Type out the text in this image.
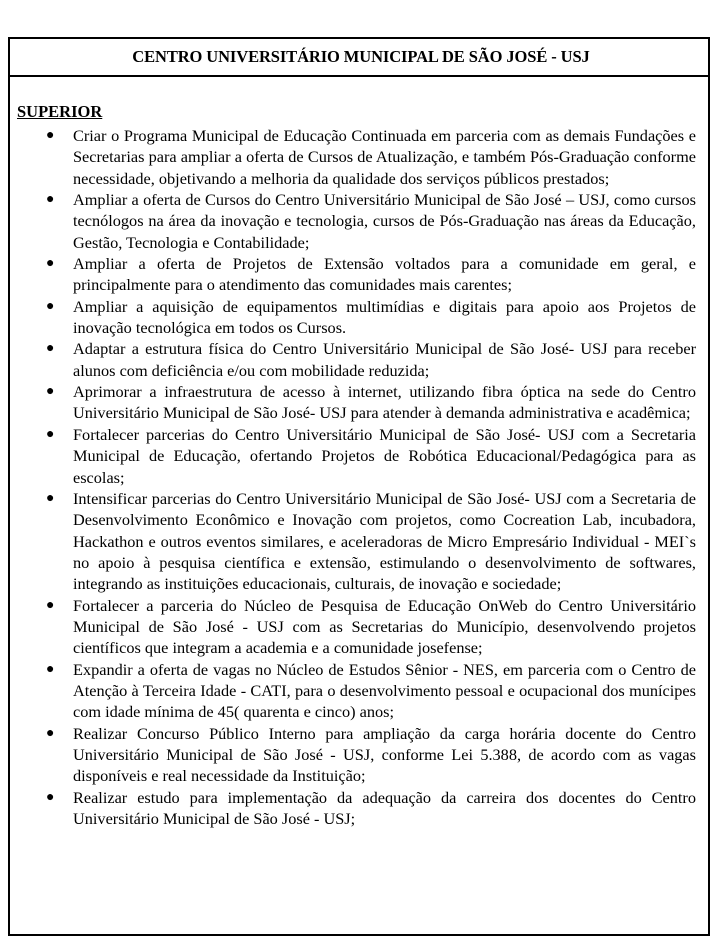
CENTRO UNIVERSITÁRIO MUNICIPAL DE SÃO JOSÉ - USJ
SUPERIOR
● Criar o Programa Municipal de Educação Continuada em parceria com as demais Fundações e Secretarias para ampliar a oferta de Cursos de Atualização, e também Pós-Graduação conforme necessidade, objetivando a melhoria da qualidade dos serviços públicos prestados;
● Ampliar a oferta de Cursos do Centro Universitário Municipal de São José – USJ, como cursos tecnólogos na área da inovação e tecnologia, cursos de Pós-Graduação nas áreas da Educação, Gestão, Tecnologia e Contabilidade;
● Ampliar a oferta de Projetos de Extensão voltados para a comunidade em geral, e principalmente para o atendimento das comunidades mais carentes;
● Ampliar a aquisição de equipamentos multimídias e digitais para apoio aos Projetos de inovação tecnológica em todos os Cursos.
● Adaptar a estrutura física do Centro Universitário Municipal de São José- USJ para receber alunos com deficiência e/ou com mobilidade reduzida;
● Aprimorar a infraestrutura de acesso à internet, utilizando fibra óptica na sede do Centro Universitário Municipal de São José- USJ para atender à demanda administrativa e acadêmica;
● Fortalecer parcerias do Centro Universitário Municipal de São José- USJ com a Secretaria Municipal de Educação, ofertando Projetos de Robótica Educacional/Pedagógica para as escolas;
● Intensificar parcerias do Centro Universitário Municipal de São José- USJ com a Secretaria de Desenvolvimento Econômico e Inovação com projetos, como Cocreation Lab, incubadora, Hackathon e outros eventos similares, e aceleradoras de Micro Empresário Individual - MEI`s no apoio à pesquisa científica e extensão, estimulando o desenvolvimento de softwares, integrando as instituições educacionais, culturais, de inovação e sociedade;
● Fortalecer a parceria do Núcleo de Pesquisa de Educação OnWeb do Centro Universitário Municipal de São José - USJ com as Secretarias do Município, desenvolvendo projetos científicos que integram a academia e a comunidade josefense;
● Expandir a oferta de vagas no Núcleo de Estudos Sênior - NES, em parceria com o Centro de Atenção à Terceira Idade - CATI, para o desenvolvimento pessoal e ocupacional dos munícipes com idade mínima de 45( quarenta e cinco) anos;
● Realizar Concurso Público Interno para ampliação da carga horária docente do Centro Universitário Municipal de São José - USJ, conforme Lei 5.388, de acordo com as vagas disponíveis e real necessidade da Instituição;
● Realizar estudo para implementação da adequação da carreira dos docentes do Centro Universitário Municipal de São José - USJ;
